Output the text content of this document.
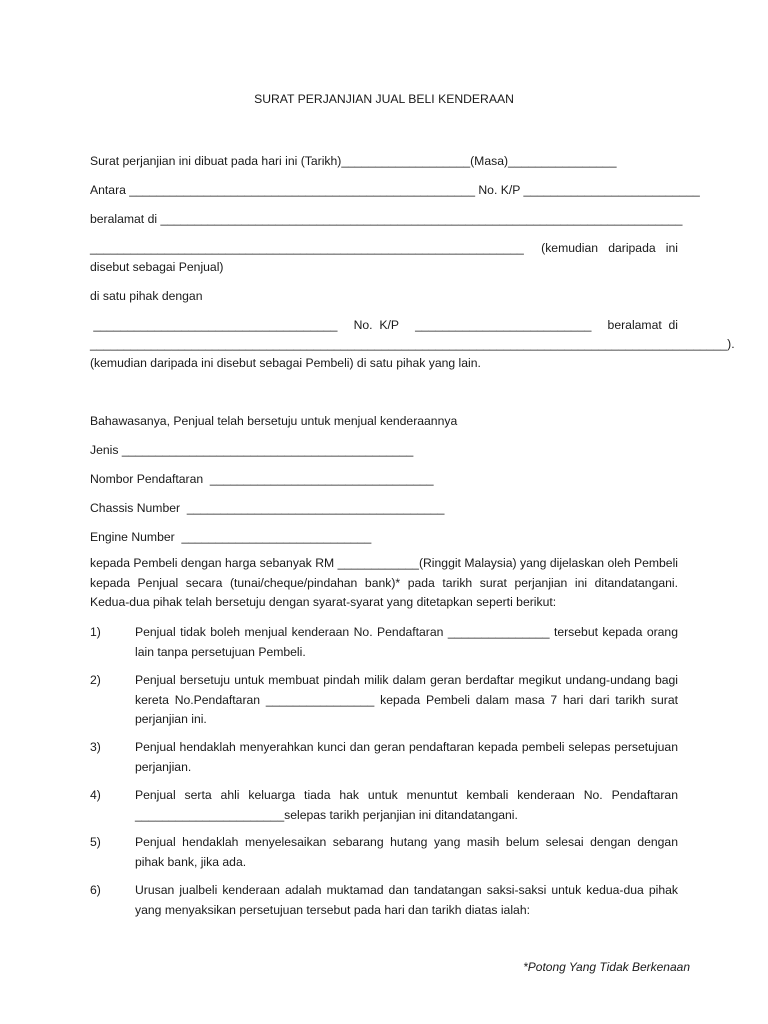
SURAT PERJANJIAN JUAL BELI KENDERAAN
Surat perjanjian ini dibuat pada hari ini (Tarikh)___________________(Masa)________________
Antara ___________________________________________________ No. K/P __________________________
beralamat di _____________________________________________________________________________
________________________________________________________________ (kemudian   daripada   ini
disebut sebagai Penjual)
di satu pihak dengan
____________________________________ No.  K/P __________________________ beralamat  di
______________________________________________________________________________________________).
(kemudian daripada ini disebut sebagai Pembeli) di satu pihak yang lain.
Bahawasanya, Penjual telah bersetuju untuk menjual kenderaannya
Jenis ___________________________________________
Nombor Pendaftaran  _________________________________
Chassis Number  ______________________________________
Engine Number  ____________________________
kepada Pembeli dengan harga sebanyak RM ____________(Ringgit Malaysia) yang dijelaskan oleh Pembeli kepada Penjual secara (tunai/cheque/pindahan bank)* pada tarikh surat perjanjian ini ditandatangani. Kedua-dua pihak telah bersetuju dengan syarat-syarat yang ditetapkan seperti berikut:
1)	Penjual tidak boleh menjual kenderaan No. Pendaftaran _______________ tersebut kepada orang lain tanpa persetujuan Pembeli.
2)	Penjual bersetuju untuk membuat pindah milik dalam geran berdaftar megikut undang-undang bagi kereta No.Pendaftaran ________________ kepada Pembeli dalam masa 7 hari dari tarikh surat perjanjian ini.
3)	Penjual hendaklah menyerahkan kunci dan geran pendaftaran kepada pembeli selepas persetujuan perjanjian.
4)	Penjual serta ahli keluarga tiada hak untuk menuntut kembali kenderaan No. Pendaftaran ______________________selepas tarikh perjanjian ini ditandatangani.
5)	Penjual hendaklah menyelesaikan sebarang hutang yang masih belum selesai dengan dengan pihak bank, jika ada.
6)	Urusan jualbeli kenderaan adalah muktamad dan tandatangan saksi-saksi untuk kedua-dua pihak yang menyaksikan persetujuan tersebut pada hari dan tarikh diatas ialah:
*Potong Yang Tidak Berkenaan
